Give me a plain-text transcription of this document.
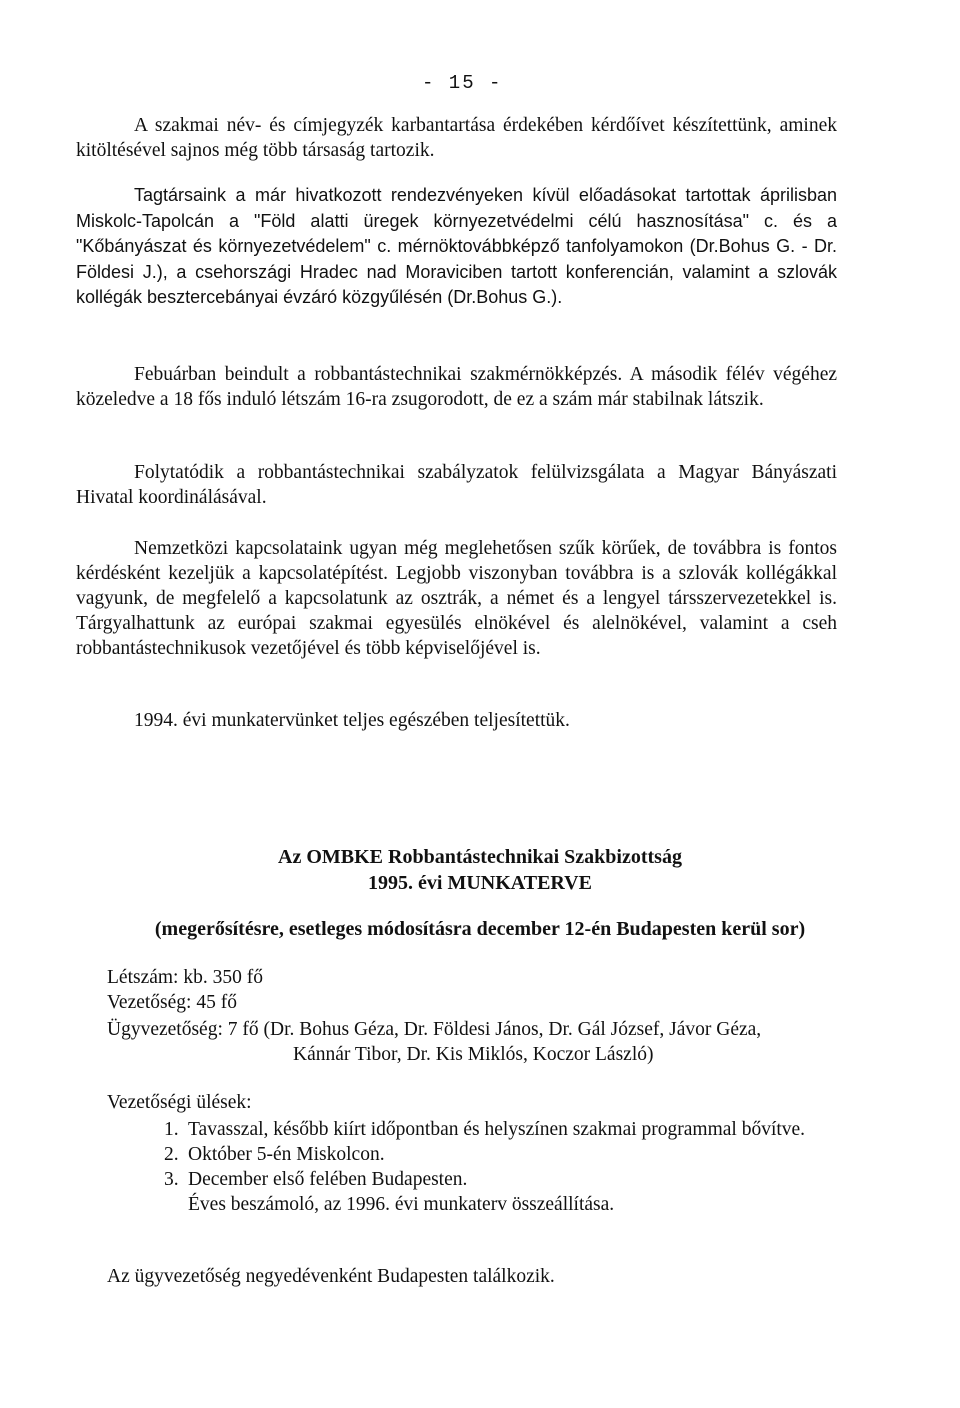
- 15 -

A szakmai név- és címjegyzék karbantartása érdekében kérdőívet készítettünk, aminek kitöltésével sajnos még több társaság tartozik.

Tagtársaink a már hivatkozott rendezvényeken kívül előadásokat tartottak áprilisban Miskolc-Tapolcán a "Föld alatti üregek környezetvédelmi célú hasznosítása" c. és a "Kőbányászat és környezetvédelem" c. mérnöktovábbképző tanfolyamokon (Dr.Bohus G. - Dr. Földesi J.), a csehországi Hradec nad Moraviciben tartott konferencián, valamint a szlovák kollégák besztercebányai évzáró közgyűlésén (Dr.Bohus G.).

Febuárban beindult a robbantástechnikai szakmérnökképzés. A második félév végéhez közeledve a 18 fős induló létszám 16-ra zsugorodott, de ez a szám már stabilnak látszik.

Folytatódik a robbantástechnikai szabályzatok felülvizsgálata a Magyar Bányászati Hivatal koordinálásával.

Nemzetközi kapcsolataink ugyan még meglehetősen szűk körűek, de továbbra is fontos kérdésként kezeljük a kapcsolatépítést. Legjobb viszonyban továbbra is a szlovák kollégákkal vagyunk, de megfelelő a kapcsolatunk az osztrák, a német és a lengyel társszervezetekkel is. Tárgyalhattunk az európai szakmai egyesülés elnökével és alelnökével, valamint a cseh robbantástechnikusok vezetőjével és több képviselőjével is.

1994. évi munkatervünket teljes egészében teljesítettük.

Az OMBKE Robbantástechnikai Szakbizottság
1995. évi MUNKATERVE
(megerősítésre, esetleges módosításra december 12-én Budapesten kerül sor)
Létszám: kb. 350 fő
Vezetőség: 45 fő
Ügyvezetőség: 7 fő (Dr. Bohus Géza, Dr. Földesi János, Dr. Gál József, Jávor Géza,
Kánnár Tibor, Dr. Kis Miklós, Koczor László)
Vezetőségi ülések:
1. Tavasszal, később kiírt időpontban és helyszínen szakmai programmal bővítve.
2. Október 5-én Miskolcon.
3. December első felében Budapesten.
Éves beszámoló, az 1996. évi munkaterv összeállítása.
Az ügyvezetőség negyedévenként Budapesten találkozik.
